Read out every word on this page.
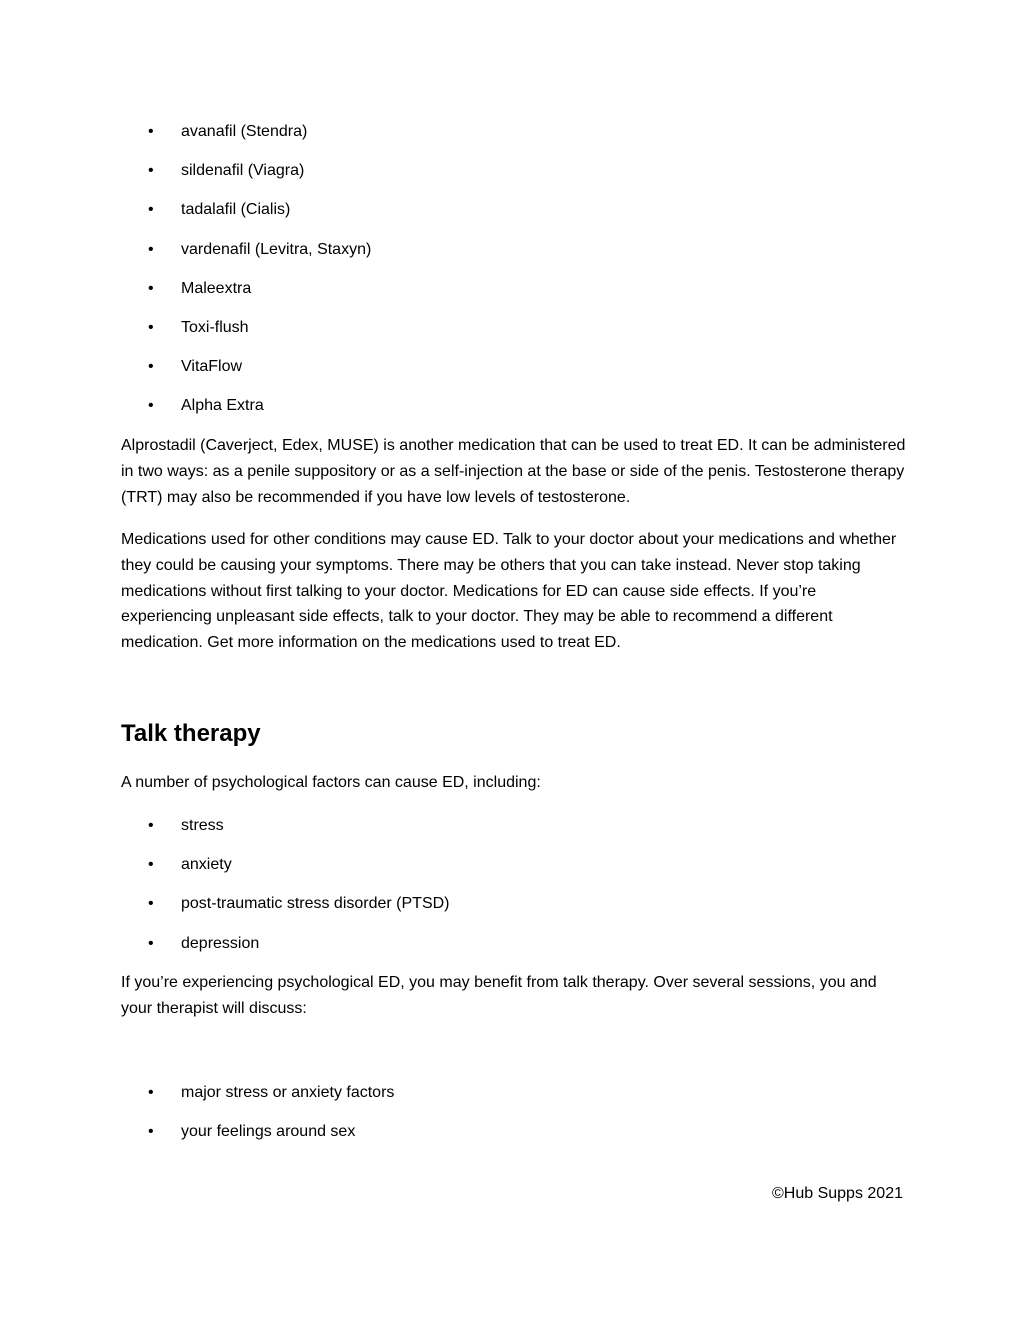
• avanafil (Stendra)
• sildenafil (Viagra)
• tadalafil (Cialis)
• vardenafil (Levitra, Staxyn)
• Maleextra
• Toxi-flush
• VitaFlow
• Alpha Extra

Alprostadil (Caverject, Edex, MUSE) is another medication that can be used to treat ED. It can be administered in two ways: as a penile suppository or as a self-injection at the base or side of the penis. Testosterone therapy (TRT) may also be recommended if you have low levels of testosterone.

Medications used for other conditions may cause ED. Talk to your doctor about your medications and whether they could be causing your symptoms. There may be others that you can take instead. Never stop taking medications without first talking to your doctor. Medications for ED can cause side effects. If you’re experiencing unpleasant side effects, talk to your doctor. They may be able to recommend a different medication. Get more information on the medications used to treat ED.

Talk therapy

A number of psychological factors can cause ED, including:

• stress
• anxiety
• post-traumatic stress disorder (PTSD)
• depression

If you’re experiencing psychological ED, you may benefit from talk therapy. Over several sessions, you and your therapist will discuss:

• major stress or anxiety factors
• your feelings around sex
©Hub Supps 2021
